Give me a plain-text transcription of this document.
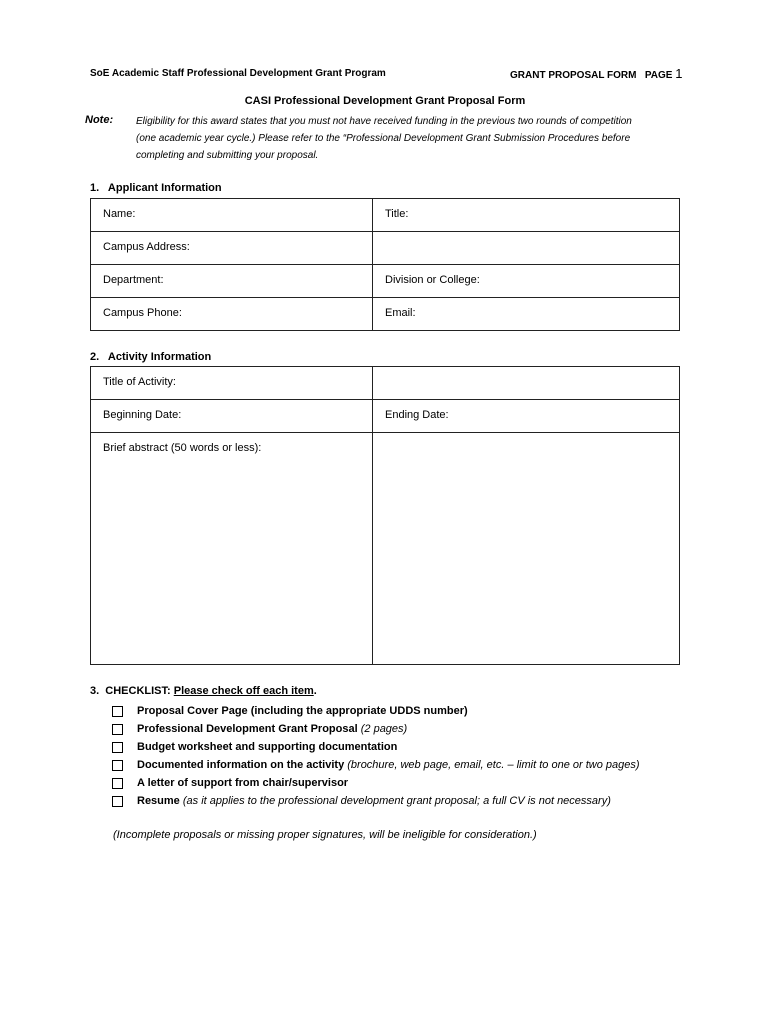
SoE Academic Staff Professional Development Grant Program	GRANT PROPOSAL FORM   PAGE 1
CASI Professional Development Grant Proposal Form
Note: Eligibility for this award states that you must not have received funding in the previous two rounds of competition
(one academic year cycle.) Please refer to the “Professional Development Grant Submission Procedures before
completing and submitting your proposal.
1.   Applicant Information
Name:	Title:
Campus Address:	
Department:	Division or College:
Campus Phone:	Email:
2.   Activity Information
Title of Activity:	
Beginning Date:	Ending Date:
Brief abstract (50 words or less):	
3.  CHECKLIST: Please check off each item.
Proposal Cover Page (including the appropriate UDDS number)
Professional Development Grant Proposal (2 pages)
Budget worksheet and supporting documentation
Documented information on the activity (brochure, web page, email, etc. – limit to one or two pages)
A letter of support from chair/supervisor
Resume (as it applies to the professional development grant proposal; a full CV is not necessary)
(Incomplete proposals or missing proper signatures, will be ineligible for consideration.)
